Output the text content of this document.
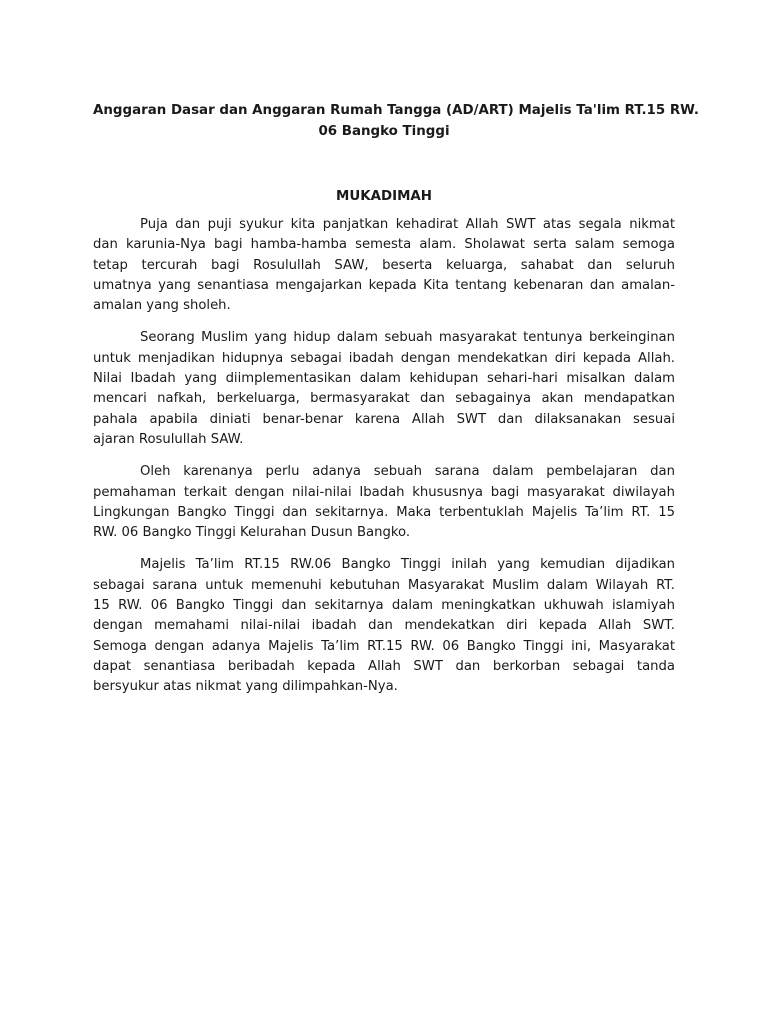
Anggaran Dasar dan Anggaran Rumah Tangga (AD/ART) Majelis Ta'lim RT.15 RW.
06 Bangko Tinggi
MUKADIMAH
Puja dan puji syukur kita panjatkan kehadirat Allah SWT atas segala nikmat
dan karunia-Nya bagi hamba-hamba semesta alam. Sholawat serta salam semoga
tetap tercurah bagi Rosulullah SAW, beserta keluarga, sahabat dan seluruh
umatnya yang senantiasa mengajarkan kepada Kita tentang kebenaran dan amalan-
amalan yang sholeh.
Seorang Muslim yang hidup dalam sebuah masyarakat tentunya berkeinginan
untuk menjadikan hidupnya sebagai ibadah dengan mendekatkan diri kepada Allah.
Nilai Ibadah yang diimplementasikan dalam kehidupan sehari-hari misalkan dalam
mencari nafkah, berkeluarga, bermasyarakat dan sebagainya akan mendapatkan
pahala apabila diniati benar-benar karena Allah SWT dan dilaksanakan sesuai
ajaran Rosulullah SAW.
Oleh karenanya perlu adanya sebuah sarana dalam pembelajaran dan
pemahaman terkait dengan nilai-nilai Ibadah khususnya bagi masyarakat diwilayah
Lingkungan Bangko Tinggi dan sekitarnya. Maka terbentuklah Majelis Ta’lim RT. 15
RW. 06 Bangko Tinggi Kelurahan Dusun Bangko.
Majelis Ta’lim RT.15 RW.06 Bangko Tinggi inilah yang kemudian dijadikan
sebagai sarana untuk memenuhi kebutuhan Masyarakat Muslim dalam Wilayah RT.
15 RW. 06 Bangko Tinggi dan sekitarnya dalam meningkatkan ukhuwah islamiyah
dengan memahami nilai-nilai ibadah dan mendekatkan diri kepada Allah SWT.
Semoga dengan adanya Majelis Ta’lim RT.15 RW. 06 Bangko Tinggi ini, Masyarakat
dapat senantiasa beribadah kepada Allah SWT dan berkorban sebagai tanda
bersyukur atas nikmat yang dilimpahkan-Nya.
